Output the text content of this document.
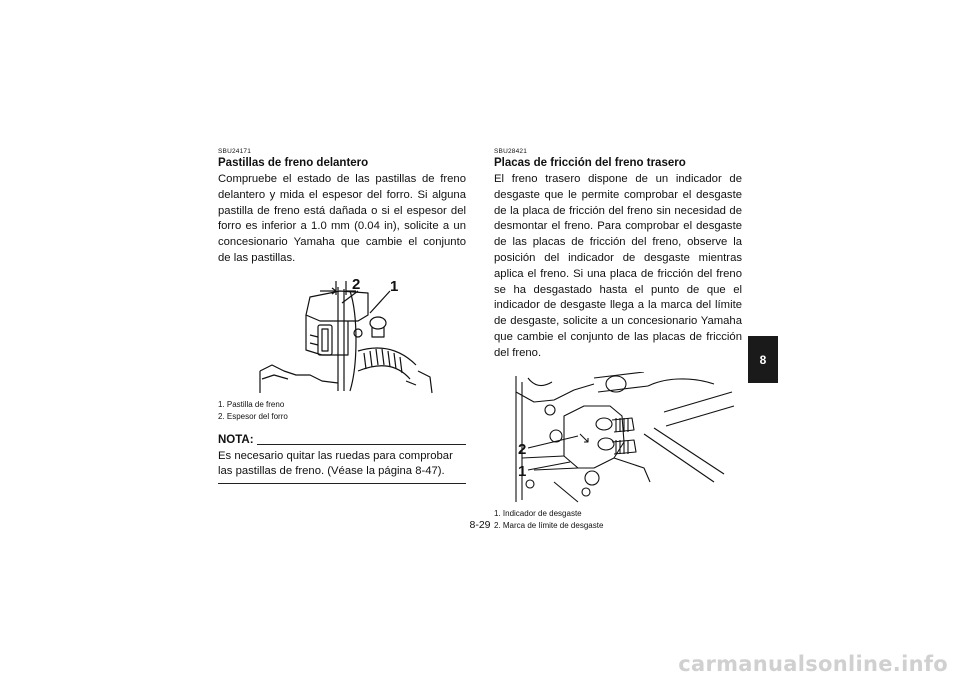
SBU24171
Pastillas de freno delantero

Compruebe el estado de las pastillas de freno delantero y mida el espesor del forro. Si alguna pastilla de freno está dañada o si el espesor del forro es inferior a 1.0 mm (0.04 in), solicite a un concesionario Yamaha que cambie el conjunto de las pastillas.

2 1
1. Pastilla de freno
2. Espesor del forro
NOTA:
Es necesario quitar las ruedas para comprobar las pastillas de freno. (Véase la página 8-47).
SBU28421
Placas de fricción del freno trasero

El freno trasero dispone de un indicador de desgaste que le permite comprobar el desgaste de la placa de fricción del freno sin necesidad de desmontar el freno. Para comprobar el desgaste de las placas de fricción del freno, observe la posición del indicador de desgaste mientras aplica el freno. Si una placa de fricción del freno se ha desgastado hasta el punto de que el indicador de desgaste llega a la marca del límite de desgaste, solicite a un concesionario Yamaha que cambie el conjunto de las placas de fricción del freno.

2
1
1. Indicador de desgaste
2. Marca de límite de desgaste
8
8-29
carmanualsonline.info
